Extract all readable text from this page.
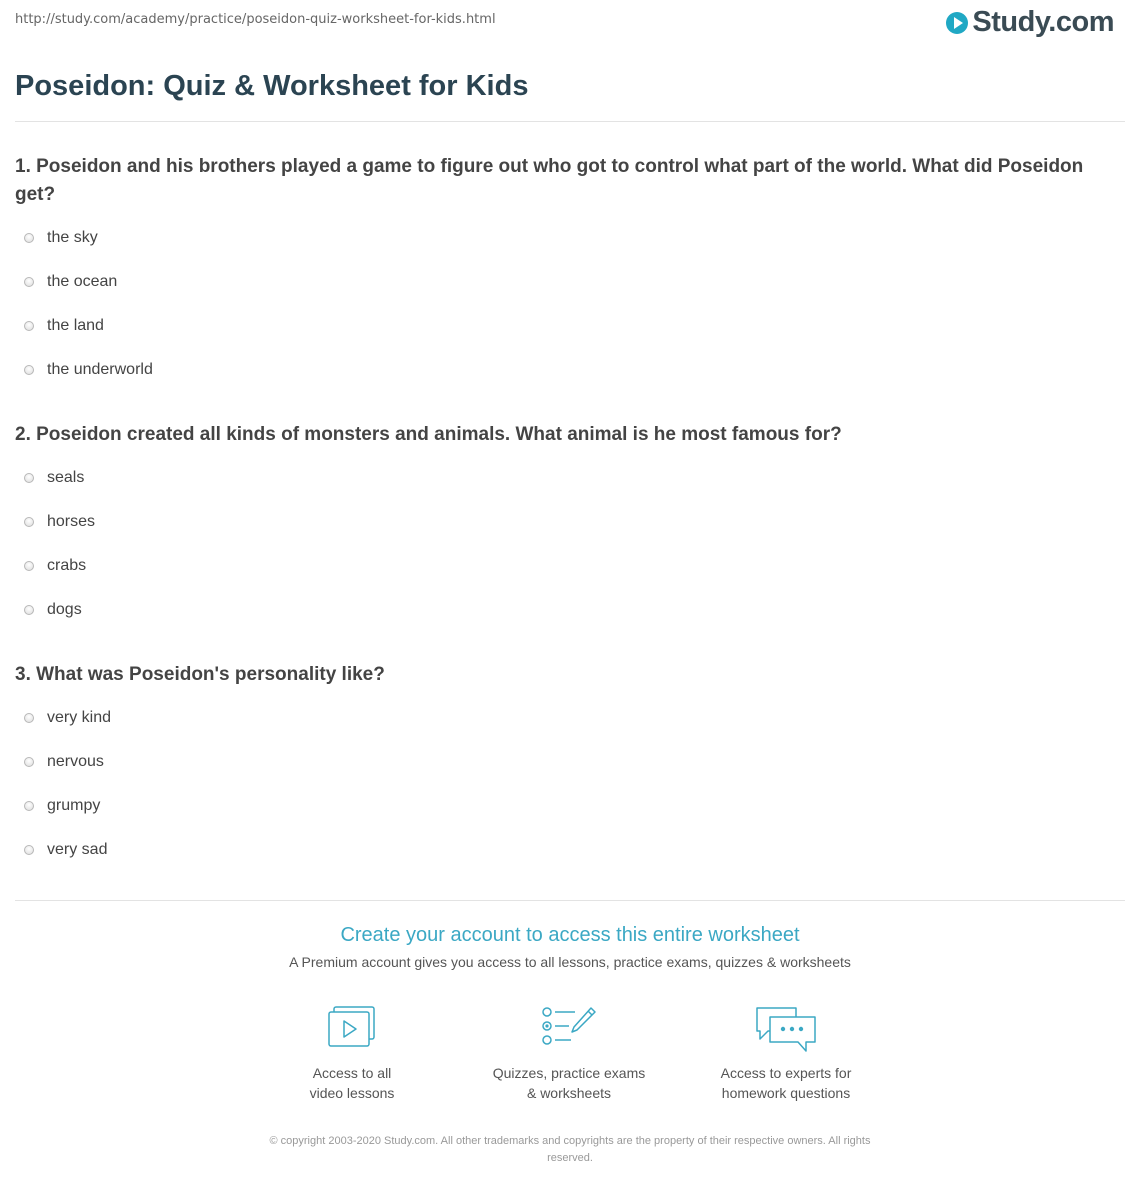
http://study.com/academy/practice/poseidon-quiz-worksheet-for-kids.html	Study.com
Poseidon: Quiz & Worksheet for Kids
1. Poseidon and his brothers played a game to figure out who got to control what part of the world. What did Poseidon get?
the sky
the ocean
the land
the underworld
2. Poseidon created all kinds of monsters and animals. What animal is he most famous for?
seals
horses
crabs
dogs
3. What was Poseidon's personality like?
very kind
nervous
grumpy
very sad
Create your account to access this entire worksheet
A Premium account gives you access to all lessons, practice exams, quizzes & worksheets
Access to all
video lessons
Quizzes, practice exams
& worksheets
Access to experts for
homework questions
© copyright 2003-2020 Study.com. All other trademarks and copyrights are the property of their respective owners. All rights
reserved.
